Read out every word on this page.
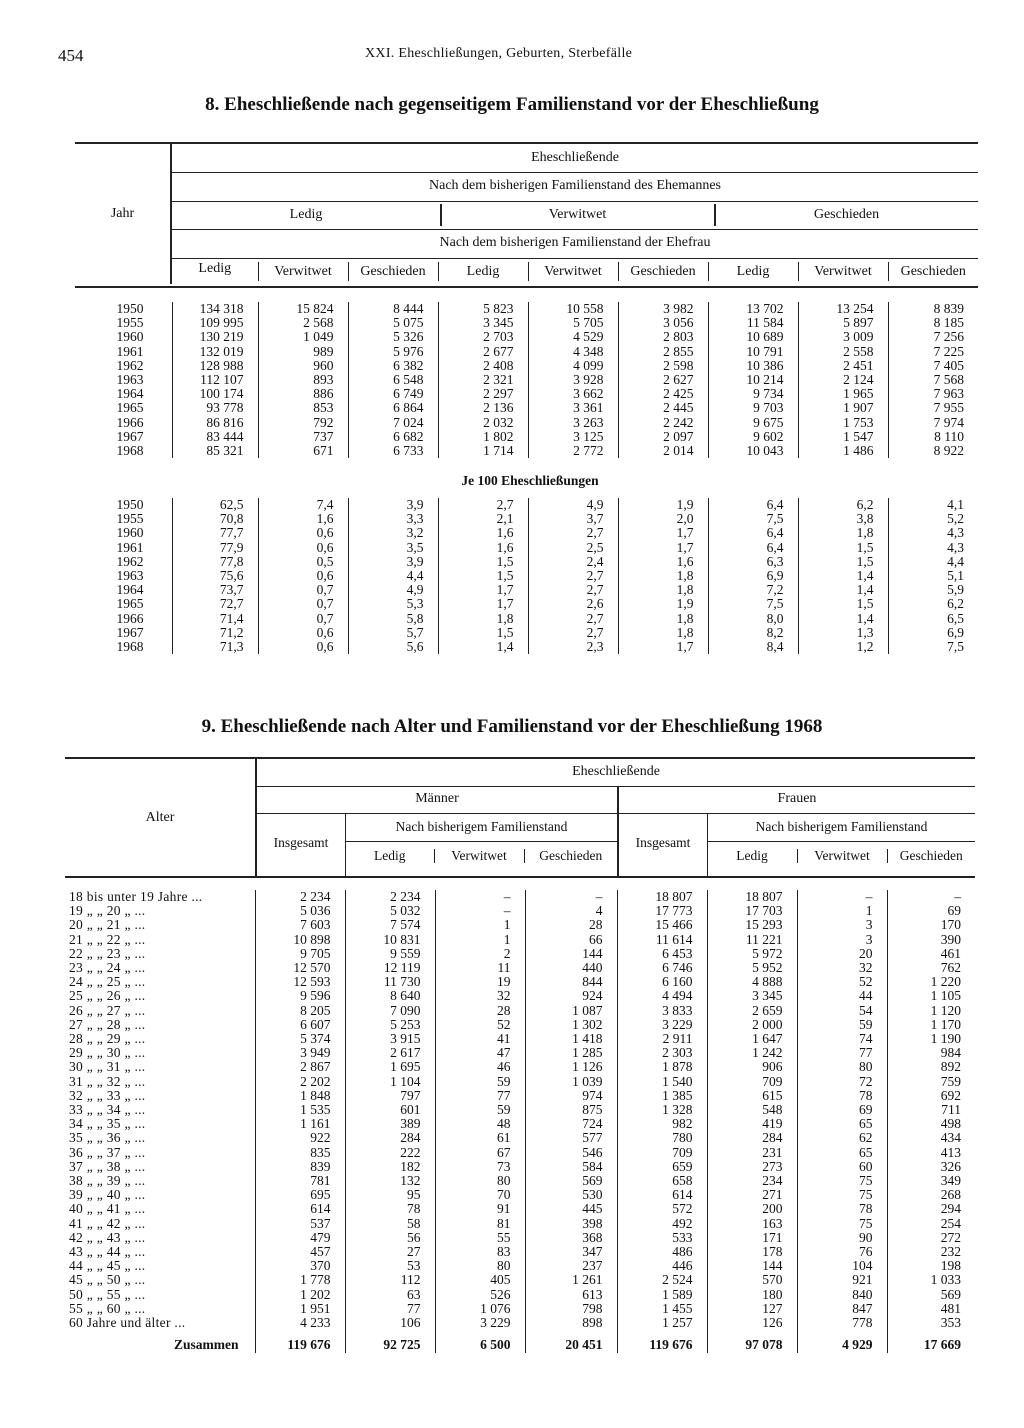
454	XXI. Eheschließungen, Geburten, Sterbefälle
8. Eheschließende nach gegenseitigem Familienstand vor der Eheschließung
Jahr
Eheschließende
Nach dem bisherigen Familienstand des Ehemannes
Ledig	Verwitwet	Geschieden
Nach dem bisherigen Familienstand der Ehefrau
Ledig	Verwitwet	Geschieden	Ledig	Verwitwet	Geschieden	Ledig	Verwitwet	Geschieden
1950	134 318	15 824	8 444	5 823	10 558	3 982	13 702	13 254	8 839
1955	109 995	2 568	5 075	3 345	5 705	3 056	11 584	5 897	8 185
1960	130 219	1 049	5 326	2 703	4 529	2 803	10 689	3 009	7 256
1961	132 019	989	5 976	2 677	4 348	2 855	10 791	2 558	7 225
1962	128 988	960	6 382	2 408	4 099	2 598	10 386	2 451	7 405
1963	112 107	893	6 548	2 321	3 928	2 627	10 214	2 124	7 568
1964	100 174	886	6 749	2 297	3 662	2 425	9 734	1 965	7 963
1965	93 778	853	6 864	2 136	3 361	2 445	9 703	1 907	7 955
1966	86 816	792	7 024	2 032	3 263	2 242	9 675	1 753	7 974
1967	83 444	737	6 682	1 802	3 125	2 097	9 602	1 547	8 110
1968	85 321	671	6 733	1 714	2 772	2 014	10 043	1 486	8 922
Je 100 Eheschließungen
1950	62,5	7,4	3,9	2,7	4,9	1,9	6,4	6,2	4,1
1955	70,8	1,6	3,3	2,1	3,7	2,0	7,5	3,8	5,2
1960	77,7	0,6	3,2	1,6	2,7	1,7	6,4	1,8	4,3
1961	77,9	0,6	3,5	1,6	2,5	1,7	6,4	1,5	4,3
1962	77,8	0,5	3,9	1,5	2,4	1,6	6,3	1,5	4,4
1963	75,6	0,6	4,4	1,5	2,7	1,8	6,9	1,4	5,1
1964	73,7	0,7	4,9	1,7	2,7	1,8	7,2	1,4	5,9
1965	72,7	0,7	5,3	1,7	2,6	1,9	7,5	1,5	6,2
1966	71,4	0,7	5,8	1,8	2,7	1,8	8,0	1,4	6,5
1967	71,2	0,6	5,7	1,5	2,7	1,8	8,2	1,3	6,9
1968	71,3	0,6	5,6	1,4	2,3	1,7	8,4	1,2	7,5
9. Eheschließende nach Alter und Familienstand vor der Eheschließung 1968
Alter
Eheschließende
Männer	Frauen
Insgesamt
Nach bisherigem Familienstand
Insgesamt
Nach bisherigem Familienstand
Ledig	Verwitwet	Geschieden		Ledig	Verwitwet	Geschieden
18 bis unter 19 Jahre ...	2 234	2 234	–	–	18 807	18 807	–	–
19 „ „ 20 „ ...	5 036	5 032	–	4	17 773	17 703	1	69
20 „ „ 21 „ ...	7 603	7 574	1	28	15 466	15 293	3	170
21 „ „ 22 „ ...	10 898	10 831	1	66	11 614	11 221	3	390
22 „ „ 23 „ ...	9 705	9 559	2	144	6 453	5 972	20	461
23 „ „ 24 „ ...	12 570	12 119	11	440	6 746	5 952	32	762
24 „ „ 25 „ ...	12 593	11 730	19	844	6 160	4 888	52	1 220
25 „ „ 26 „ ...	9 596	8 640	32	924	4 494	3 345	44	1 105
26 „ „ 27 „ ...	8 205	7 090	28	1 087	3 833	2 659	54	1 120
27 „ „ 28 „ ...	6 607	5 253	52	1 302	3 229	2 000	59	1 170
28 „ „ 29 „ ...	5 374	3 915	41	1 418	2 911	1 647	74	1 190
29 „ „ 30 „ ...	3 949	2 617	47	1 285	2 303	1 242	77	984
30 „ „ 31 „ ...	2 867	1 695	46	1 126	1 878	906	80	892
31 „ „ 32 „ ...	2 202	1 104	59	1 039	1 540	709	72	759
32 „ „ 33 „ ...	1 848	797	77	974	1 385	615	78	692
33 „ „ 34 „ ...	1 535	601	59	875	1 328	548	69	711
34 „ „ 35 „ ...	1 161	389	48	724	982	419	65	498
35 „ „ 36 „ ...	922	284	61	577	780	284	62	434
36 „ „ 37 „ ...	835	222	67	546	709	231	65	413
37 „ „ 38 „ ...	839	182	73	584	659	273	60	326
38 „ „ 39 „ ...	781	132	80	569	658	234	75	349
39 „ „ 40 „ ...	695	95	70	530	614	271	75	268
40 „ „ 41 „ ...	614	78	91	445	572	200	78	294
41 „ „ 42 „ ...	537	58	81	398	492	163	75	254
42 „ „ 43 „ ...	479	56	55	368	533	171	90	272
43 „ „ 44 „ ...	457	27	83	347	486	178	76	232
44 „ „ 45 „ ...	370	53	80	237	446	144	104	198
45 „ „ 50 „ ...	1 778	112	405	1 261	2 524	570	921	1 033
50 „ „ 55 „ ...	1 202	63	526	613	1 589	180	840	569
55 „ „ 60 „ ...	1 951	77	1 076	798	1 455	127	847	481
60 Jahre und älter ...	4 233	106	3 229	898	1 257	126	778	353
Zusammen	119 676	92 725	6 500	20 451	119 676	97 078	4 929	17 669
